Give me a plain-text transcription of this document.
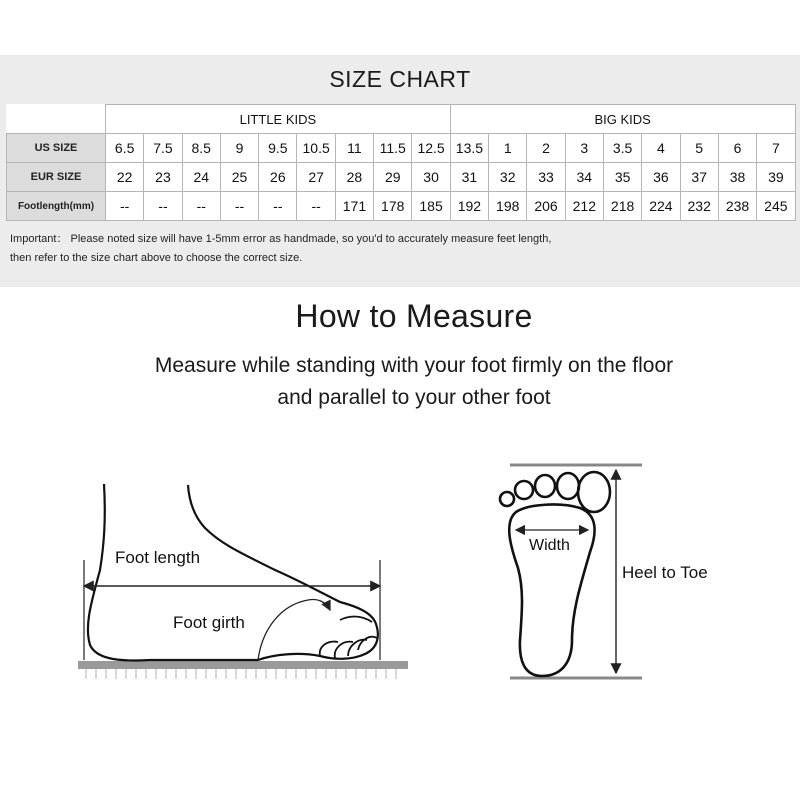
SIZE CHART
	LITTLE KIDS									BIG KIDS								
US SIZE	6.5	7.5	8.5	9	9.5	10.5	11	11.5	12.5	13.5	1	2	3	3.5	4	5	6	7
EUR SIZE	22	23	24	25	26	27	28	29	30	31	32	33	34	35	36	37	38	39
Footlength(mm)	--	--	--	--	--	--	171	178	185	192	198	206	212	218	224	232	238	245
Important： Please noted size will have 1-5mm error as handmade, so you'd to accurately measure feet length,
then refer to the size chart above to choose the correct size.
How to Measure
Measure while standing with your foot firmly on the floor
and parallel to your other foot
Foot length
Foot girth
Width
Heel to Toe
